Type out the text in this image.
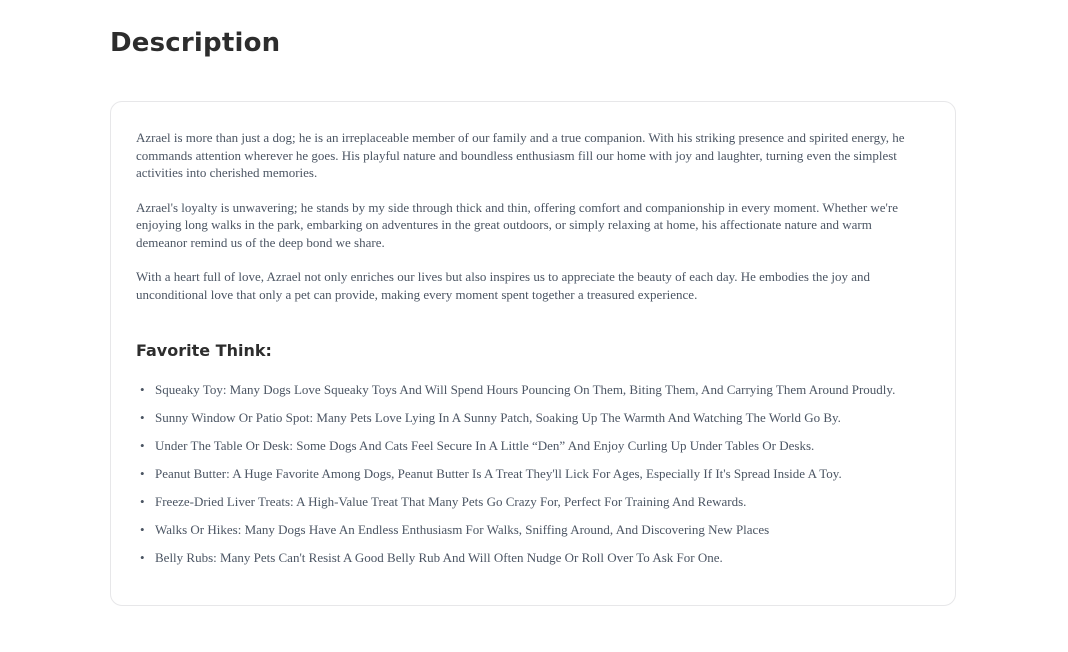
Description

Azrael is more than just a dog; he is an irreplaceable member of our family and a true companion. With his striking presence and spirited energy, he commands attention wherever he goes. His playful nature and boundless enthusiasm fill our home with joy and laughter, turning even the simplest activities into cherished memories.

Azrael's loyalty is unwavering; he stands by my side through thick and thin, offering comfort and companionship in every moment. Whether we're enjoying long walks in the park, embarking on adventures in the great outdoors, or simply relaxing at home, his affectionate nature and warm demeanor remind us of the deep bond we share.

With a heart full of love, Azrael not only enriches our lives but also inspires us to appreciate the beauty of each day. He embodies the joy and unconditional love that only a pet can provide, making every moment spent together a treasured experience.

Favorite Think:
• Squeaky Toy: Many Dogs Love Squeaky Toys And Will Spend Hours Pouncing On Them, Biting Them, And Carrying Them Around Proudly.
• Sunny Window Or Patio Spot: Many Pets Love Lying In A Sunny Patch, Soaking Up The Warmth And Watching The World Go By.
• Under The Table Or Desk: Some Dogs And Cats Feel Secure In A Little “Den” And Enjoy Curling Up Under Tables Or Desks.
• Peanut Butter: A Huge Favorite Among Dogs, Peanut Butter Is A Treat They'll Lick For Ages, Especially If It's Spread Inside A Toy.
• Freeze-Dried Liver Treats: A High-Value Treat That Many Pets Go Crazy For, Perfect For Training And Rewards.
• Walks Or Hikes: Many Dogs Have An Endless Enthusiasm For Walks, Sniffing Around, And Discovering New Places
• Belly Rubs: Many Pets Can't Resist A Good Belly Rub And Will Often Nudge Or Roll Over To Ask For One.
